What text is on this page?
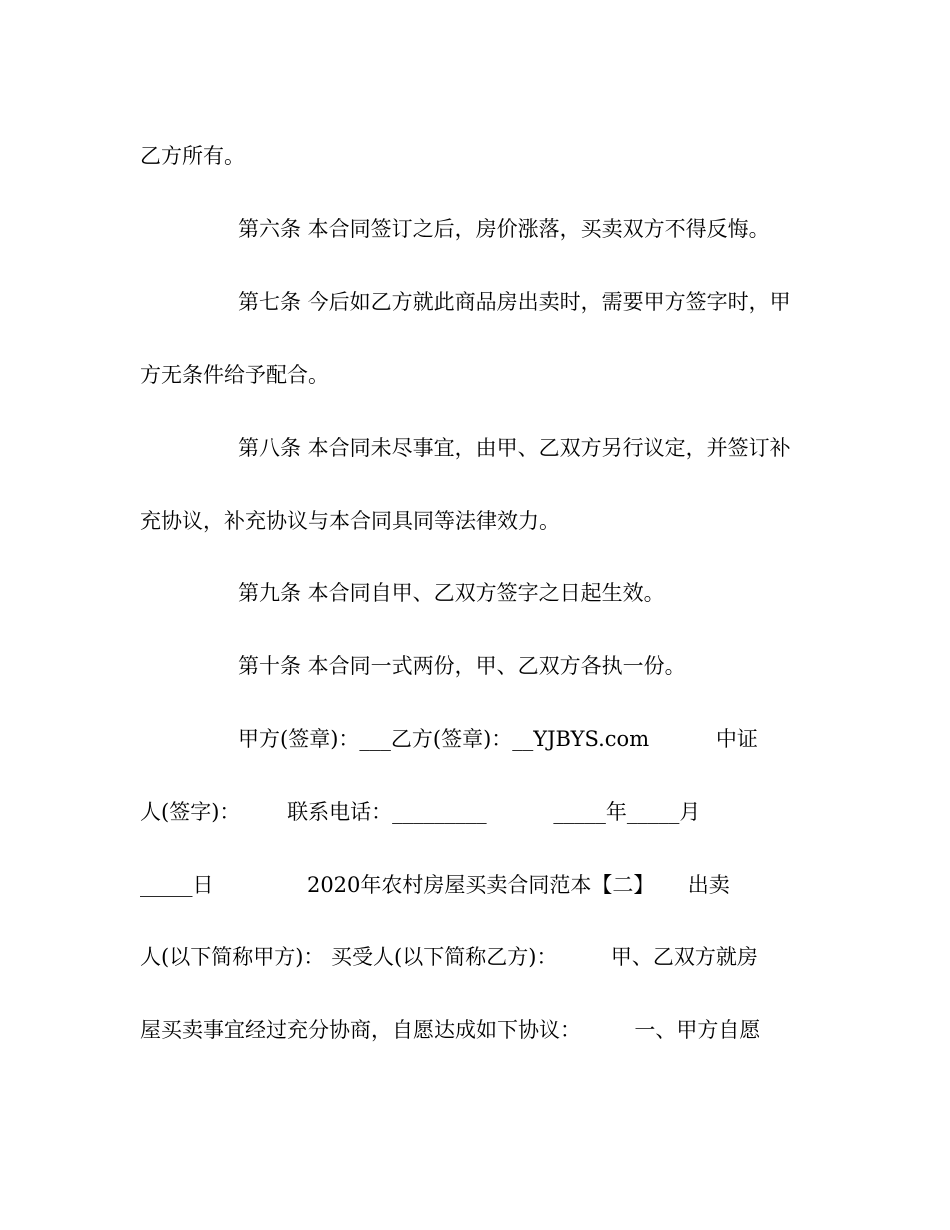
乙方所有。
第六条 本合同签订之后，房价涨落，买卖双方不得反悔。
第七条 今后如乙方就此商品房出卖时，需要甲方签字时，甲
方无条件给予配合。
第八条 本合同未尽事宜，由甲、乙双方另行议定，并签订补
充协议，补充协议与本合同具同等法律效力。
第九条 本合同自甲、乙双方签字之日起生效。
第十条 本合同一式两份，甲、乙双方各执一份。
甲方(签章)：___乙方(签章)：__YJBYS.com          中证
人(签字)：       联系电话：_________          _____年_____月
_____日              2020年农村房屋买卖合同范本【二】     出卖
人(以下简称甲方)： 买受人(以下简称乙方)：        甲、乙双方就房
屋买卖事宜经过充分协商，自愿达成如下协议：        一、甲方自愿
